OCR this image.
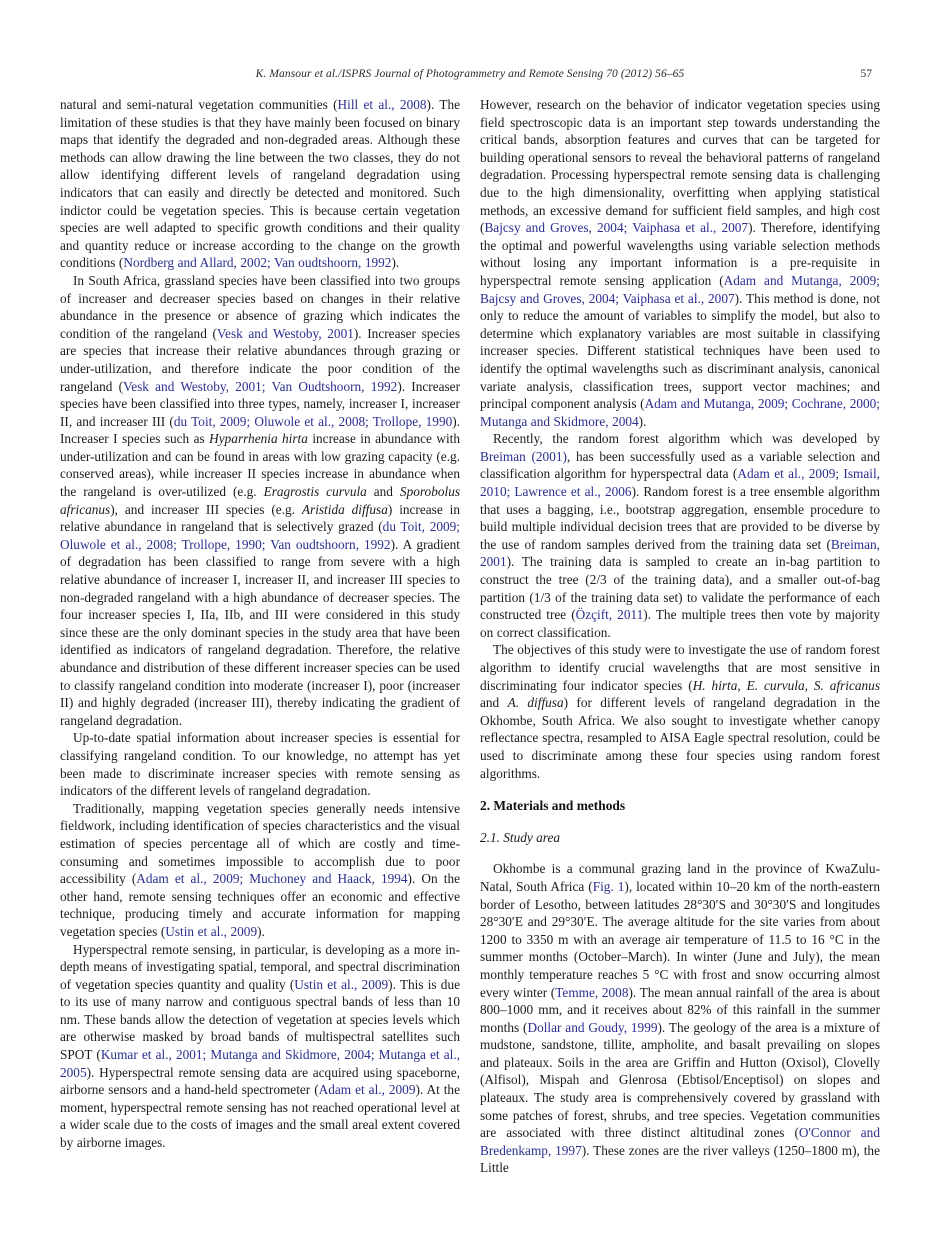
K. Mansour et al./ISPRS Journal of Photogrammetry and Remote Sensing 70 (2012) 56–65	57

natural and semi-natural vegetation communities (Hill et al., 2008). The limitation of these studies is that they have mainly been focused on binary maps that identify the degraded and non-degraded areas. Although these methods can allow drawing the line between the two classes, they do not allow identifying different levels of rangeland degradation using indicators that can easily and directly be detected and monitored. Such indictor could be vegetation species. This is because certain vegetation species are well adapted to specific growth conditions and their quality and quantity reduce or increase according to the change on the growth conditions (Nordberg and Allard, 2002; Van oudtshoorn, 1992).

In South Africa, grassland species have been classified into two groups of increaser and decreaser species based on changes in their relative abundance in the presence or absence of grazing which indicates the condition of the rangeland (Vesk and Westoby, 2001). Increaser species are species that increase their relative abundances through grazing or under-utilization, and therefore indicate the poor condition of the rangeland (Vesk and Westoby, 2001; Van Oudtshoorn, 1992). Increaser species have been classified into three types, namely, increaser I, increaser II, and increaser III (du Toit, 2009; Oluwole et al., 2008; Trollope, 1990). Increaser I species such as Hyparrhenia hirta increase in abundance with under-utilization and can be found in areas with low grazing capacity (e.g. conserved areas), while increaser II species increase in abundance when the rangeland is over-utilized (e.g. Eragrostis curvula and Sporobolus africanus), and increaser III species (e.g. Aristida diffusa) increase in relative abundance in rangeland that is selectively grazed (du Toit, 2009; Oluwole et al., 2008; Trollope, 1990; Van oudtshoorn, 1992). A gradient of degradation has been classified to range from severe with a high relative abundance of increaser I, increaser II, and increaser III species to non-degraded rangeland with a high abundance of decreaser species. The four increaser species I, IIa, IIb, and III were considered in this study since these are the only dominant species in the study area that have been identified as indicators of rangeland degradation. Therefore, the relative abundance and distribution of these different increaser species can be used to classify rangeland condition into moderate (increaser I), poor (increaser II) and highly degraded (increaser III), thereby indicating the gradient of rangeland degradation.

Up-to-date spatial information about increaser species is essential for classifying rangeland condition. To our knowledge, no attempt has yet been made to discriminate increaser species with remote sensing as indicators of the different levels of rangeland degradation.

Traditionally, mapping vegetation species generally needs intensive fieldwork, including identification of species characteristics and the visual estimation of species percentage all of which are costly and time-consuming and sometimes impossible to accomplish due to poor accessibility (Adam et al., 2009; Muchoney and Haack, 1994). On the other hand, remote sensing techniques offer an economic and effective technique, producing timely and accurate information for mapping vegetation species (Ustin et al., 2009).

Hyperspectral remote sensing, in particular, is developing as a more in-depth means of investigating spatial, temporal, and spectral discrimination of vegetation species quantity and quality (Ustin et al., 2009). This is due to its use of many narrow and contiguous spectral bands of less than 10 nm. These bands allow the detection of vegetation at species levels which are otherwise masked by broad bands of multispectral satellites such SPOT (Kumar et al., 2001; Mutanga and Skidmore, 2004; Mutanga et al., 2005). Hyperspectral remote sensing data are acquired using spaceborne, airborne sensors and a hand-held spectrometer (Adam et al., 2009). At the moment, hyperspectral remote sensing has not reached operational level at a wider scale due to the costs of images and the small areal extent covered by airborne images.

However, research on the behavior of indicator vegetation species using field spectroscopic data is an important step towards understanding the critical bands, absorption features and curves that can be targeted for building operational sensors to reveal the behavioral patterns of rangeland degradation. Processing hyperspectral remote sensing data is challenging due to the high dimensionality, overfitting when applying statistical methods, an excessive demand for sufficient field samples, and high cost (Bajcsy and Groves, 2004; Vaiphasa et al., 2007). Therefore, identifying the optimal and powerful wavelengths using variable selection methods without losing any important information is a pre-requisite in hyperspectral remote sensing application (Adam and Mutanga, 2009; Bajcsy and Groves, 2004; Vaiphasa et al., 2007). This method is done, not only to reduce the amount of variables to simplify the model, but also to determine which explanatory variables are most suitable in classifying increaser species. Different statistical techniques have been used to identify the optimal wavelengths such as discriminant analysis, canonical variate analysis, classification trees, support vector machines; and principal component analysis (Adam and Mutanga, 2009; Cochrane, 2000; Mutanga and Skidmore, 2004).

Recently, the random forest algorithm which was developed by Breiman (2001), has been successfully used as a variable selection and classification algorithm for hyperspectral data (Adam et al., 2009; Ismail, 2010; Lawrence et al., 2006). Random forest is a tree ensemble algorithm that uses a bagging, i.e., bootstrap aggregation, ensemble procedure to build multiple individual decision trees that are provided to be diverse by the use of random samples derived from the training data set (Breiman, 2001). The training data is sampled to create an in-bag partition to construct the tree (2/3 of the training data), and a smaller out-of-bag partition (1/3 of the training data set) to validate the performance of each constructed tree (Özçift, 2011). The multiple trees then vote by majority on correct classification.

The objectives of this study were to investigate the use of random forest algorithm to identify crucial wavelengths that are most sensitive in discriminating four indicator species (H. hirta, E. curvula, S. africanus and A. diffusa) for different levels of rangeland degradation in the Okhombe, South Africa. We also sought to investigate whether canopy reflectance spectra, resampled to AISA Eagle spectral resolution, could be used to discriminate among these four species using random forest algorithms.

2. Materials and methods
2.1. Study area

Okhombe is a communal grazing land in the province of KwaZulu-Natal, South Africa (Fig. 1), located within 10–20 km of the north-eastern border of Lesotho, between latitudes 28°30′S and 30°30′S and longitudes 28°30′E and 29°30′E. The average altitude for the site varies from about 1200 to 3350 m with an average air temperature of 11.5 to 16 °C in the summer months (October–March). In winter (June and July), the mean monthly temperature reaches 5 °C with frost and snow occurring almost every winter (Temme, 2008). The mean annual rainfall of the area is about 800–1000 mm, and it receives about 82% of this rainfall in the summer months (Dollar and Goudy, 1999). The geology of the area is a mixture of mudstone, sandstone, tillite, ampholite, and basalt prevailing on slopes and plateaux. Soils in the area are Griffin and Hutton (Oxisol), Clovelly (Alfisol), Mispah and Glenrosa (Ebtisol/Enceptisol) on slopes and plateaux. The study area is comprehensively covered by grassland with some patches of forest, shrubs, and tree species. Vegetation communities are associated with three distinct altitudinal zones (O'Connor and Bredenkamp, 1997). These zones are the river valleys (1250–1800 m), the Little
